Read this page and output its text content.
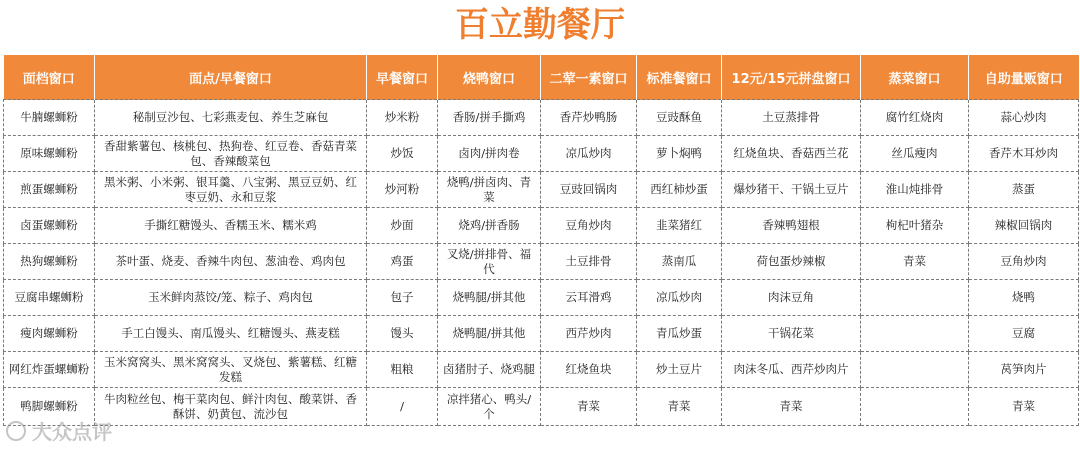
百立勤餐厅
面档窗口	面点/早餐窗口	早餐窗口	烧鸭窗口	二荤一素窗口	标准餐窗口	12元/15元拼盘窗口	蒸菜窗口	自助量贩窗口
牛腩螺蛳粉	秘制豆沙包、七彩燕麦包、养生芝麻包	炒米粉	香肠/拼手撕鸡	香芹炒鸭肠	豆豉酥鱼	土豆蒸排骨	腐竹红烧肉	蒜心炒肉
原味螺蛳粉	香甜紫薯包、核桃包、热狗卷、红豆卷、香菇青菜包、香辣酸菜包	炒饭	卤肉/拼肉卷	凉瓜炒肉	萝卜焖鸭	红烧鱼块、香菇西兰花	丝瓜瘦肉	香芹木耳炒肉
煎蛋螺蛳粉	黑米粥、小米粥、银耳羹、八宝粥、黑豆豆奶、红枣豆奶、永和豆浆	炒河粉	烧鸭/拼卤肉、青菜	豆豉回锅肉	西红柿炒蛋	爆炒猪干、干锅土豆片	淮山炖排骨	蒸蛋
卤蛋螺蛳粉	手撕红糖馒头、香糯玉米、糯米鸡	炒面	烧鸡/拼香肠	豆角炒肉	韭菜猪红	香辣鸭翅根	枸杞叶猪杂	辣椒回锅肉
热狗螺蛳粉	茶叶蛋、烧麦、香辣牛肉包、葱油卷、鸡肉包	鸡蛋	叉烧/拼排骨、福代	土豆排骨	蒸南瓜	荷包蛋炒辣椒	青菜	豆角炒肉
豆腐串螺蛳粉	玉米鲜肉蒸饺/笼、粽子、鸡肉包	包子	烧鸭腿/拼其他	云耳滑鸡	凉瓜炒肉	肉沫豆角		烧鸭
瘦肉螺蛳粉	手工白馒头、南瓜馒头、红糖馒头、燕麦糕	馒头	烧鸭腿/拼其他	西芹炒肉	青瓜炒蛋	干锅花菜		豆腐
网红炸蛋螺蛳粉	玉米窝窝头、黑米窝窝头、叉烧包、紫薯糕、红糖发糕	粗粮	卤猪肘子、烧鸡腿	红烧鱼块	炒土豆片	肉沫冬瓜、西芹炒肉片		莴笋肉片
鸭脚螺蛳粉	牛肉粒丝包、梅干菜肉包、鲜汁肉包、酸菜饼、香酥饼、奶黄包、流沙包	/	凉拌猪心、鸭头/个	青菜	青菜	青菜		青菜
大众点评
